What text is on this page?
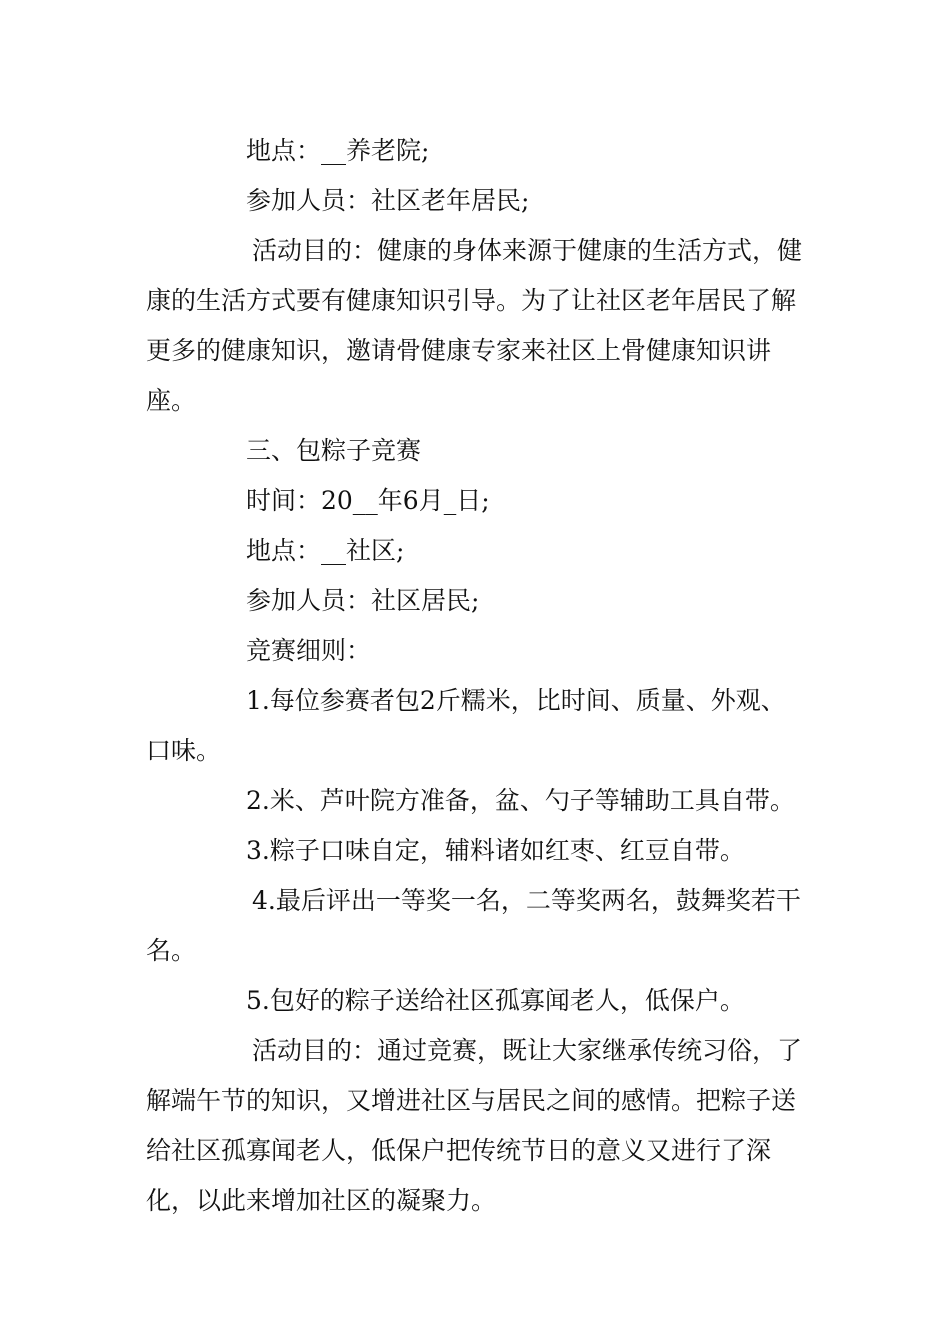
地点：__养老院;

参加人员：社区老年居民;

活动目的：健康的身体来源于健康的生活方式，健康的生活方式要有健康知识引导。为了让社区老年居民了解更多的健康知识，邀请骨健康专家来社区上骨健康知识讲座。

三、包粽子竞赛

时间：20__年6月_日;

地点：__社区;

参加人员：社区居民;

竞赛细则：

1.每位参赛者包2斤糯米，比时间、质量、外观、口味。

2.米、芦叶院方准备，盆、勺子等辅助工具自带。

3.粽子口味自定，辅料诸如红枣、红豆自带。

4.最后评出一等奖一名，二等奖两名，鼓舞奖若干名。

5.包好的粽子送给社区孤寡闻老人，低保户。

活动目的：通过竞赛，既让大家继承传统习俗，了解端午节的知识，又增进社区与居民之间的感情。把粽子送给社区孤寡闻老人，低保户把传统节日的意义又进行了深化，以此来增加社区的凝聚力。
